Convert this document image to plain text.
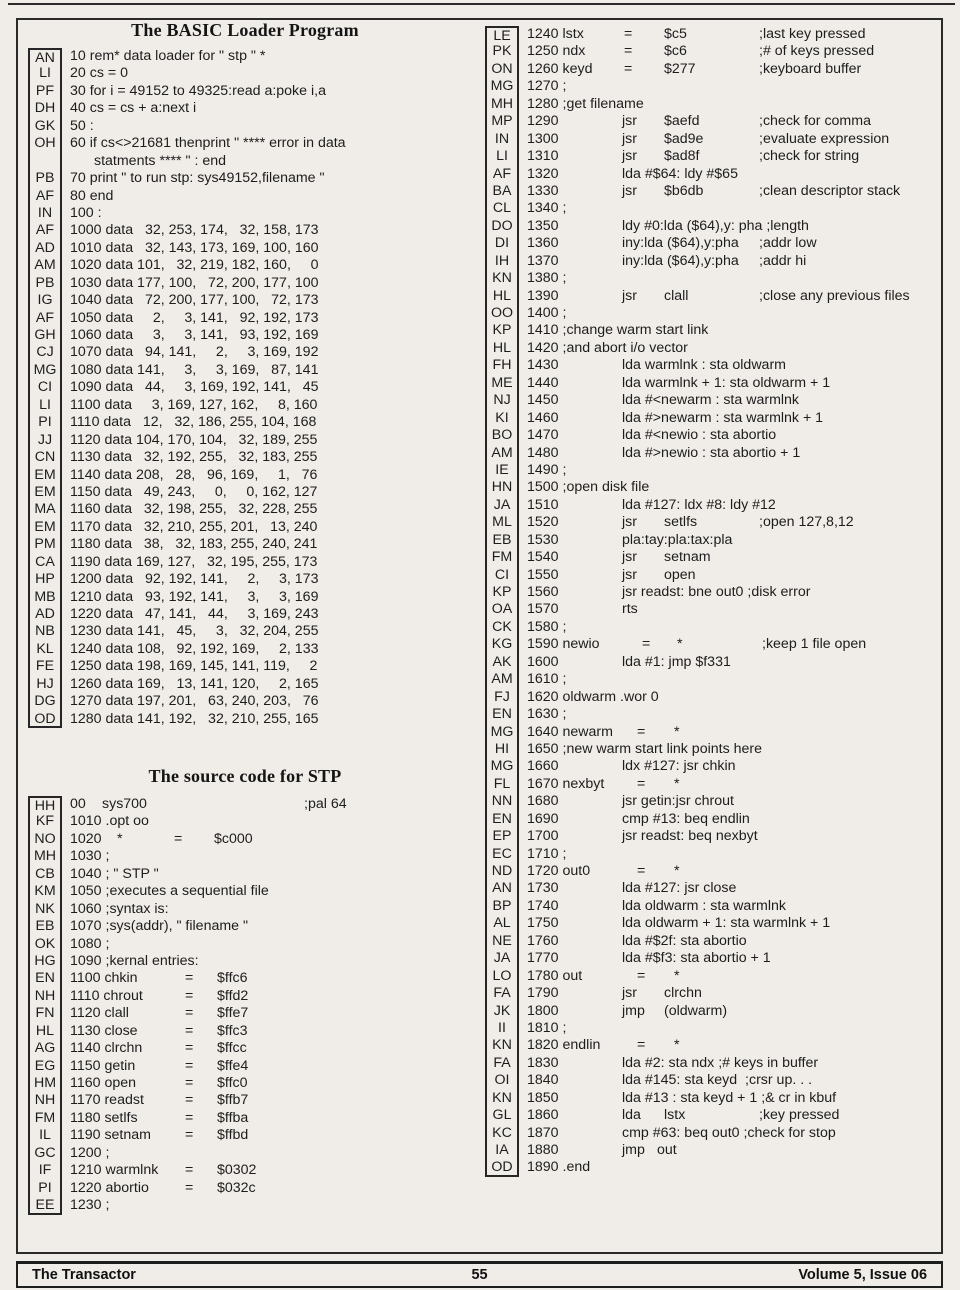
The BASIC Loader Program
AN	10 rem* data loader for " stp " *
LI	20 cs = 0
PF	30 for i = 49152 to 49325:read a:poke i,a
DH	40 cs = cs + a:next i
GK	50 :
OH	60 if cs<>21681 thenprint " **** error in data
statments **** " : end
PB	70 print " to run stp: sys49152,filename "
AF	80 end
IN	100 :
AF	1000 data   32, 253, 174,   32, 158, 173
AD	1010 data   32, 143, 173, 169, 100, 160
AM	1020 data 101,   32, 219, 182, 160,     0
PB	1030 data 177, 100,   72, 200, 177, 100
IG	1040 data   72, 200, 177, 100,   72, 173
AF	1050 data     2,     3, 141,   92, 192, 173
GH	1060 data     3,     3, 141,   93, 192, 169
CJ	1070 data   94, 141,     2,     3, 169, 192
MG 1080 data 141,     3,     3, 169,   87, 141
CI	1090 data   44,     3, 169, 192, 141,   45
LI	1100 data     3, 169, 127, 162,     8, 160
PI	1110 data   12,   32, 186, 255, 104, 168
JJ	1120 data 104, 170, 104,   32, 189, 255
CN	1130 data   32, 192, 255,   32, 183, 255
EM	1140 data 208,   28,   96, 169,     1,   76
EM	1150 data   49, 243,     0,     0, 162, 127
MA	1160 data   32, 198, 255,   32, 228, 255
EM	1170 data   32, 210, 255, 201,   13, 240
PM	1180 data   38,   32, 183, 255, 240, 241
CA	1190 data 169, 127,   32, 195, 255, 173
HP	1200 data   92, 192, 141,     2,     3, 173
MB	1210 data   93, 192, 141,     3,     3, 169
AD	1220 data   47, 141,   44,     3, 169, 243
NB	1230 data 141,   45,     3,   32, 204, 255
KL	1240 data 108,   92, 192, 169,     2, 133
FE	1250 data 198, 169, 145, 141, 119,     2
HJ	1260 data 169,   13, 141, 120,     2, 165
DG	1270 data 197, 201,   63, 240, 203,   76
OD	1280 data 141, 192,   32, 210, 255, 165
The source code for STP
HH	00 sys700	;pal 64
KF	1010 .opt oo
NO	1020 *	= $c000
MH 1030 ;
CB	1040 ; " STP "
KM	1050 ;executes a sequential file
NK	1060 ;syntax is:
EB	1070 ;sys(addr), " filename "
OK	1080 ;
HG	1090 ;kernal entries:
EN	1100 chkin	= $ffc6
NH	1110 chrout	= $ffd2
FN	1120 clall	= $ffe7
HL	1130 close	= $ffc3
AG	1140 clrchn	= $ffcc
EG	1150 getin	= $ffe4
HM 1160 open	= $ffc0
NH	1170 readst	= $ffb7
FM	1180 setlfs	= $ffba
IL	1190 setnam = $ffbd
GC	1200 ;
IF	1210 warmlnk = $0302
PI	1220 abortio	= $032c
EE	1230 ;
LE	1240 lstx	= $c5	;last key pressed
PK	1250 ndx	= $c6	;# of keys pressed
ON	1260 keyd = $277	;keyboard buffer
MG 1270 ;
MH 1280 ;get filename
MP	1290	jsr $aefd	;check for comma
IN	1300	jsr $ad9e	;evaluate expression
LI	1310	jsr $ad8f	;check for string
AF	1320	lda #$64: ldy #$65
BA	1330	jsr $b6db	;clean descriptor stack
CL	1340 ;
DO	1350	ldy #0:lda ($64),y: pha ;length
DI	1360	iny:lda ($64),y:pha ;addr low
IH	1370	iny:lda ($64),y:pha ;addr hi
KN	1380 ;
HL	1390	jsr clall	;close any previous files
OO 1400 ;
KP	1410 ;change warm start link
HL	1420 ;and abort i/o vector
FH	1430	lda warmlnk : sta oldwarm
ME	1440	lda warmlnk + 1: sta oldwarm + 1
NJ	1450	lda #<newarm : sta warmlnk
KI	1460	lda #>newarm : sta warmlnk + 1
BO	1470	lda #<newio : sta abortio
AM	1480	lda #>newio : sta abortio + 1
IE	1490 ;
HN	1500 ;open disk file
JA	1510	lda #127: ldx #8: ldy #12
ML	1520	jsr setlfs	;open 127,8,12
EB	1530	pla:tay:pla:tax:pla
FM	1540	jsr setnam
CI	1550	jsr open
KP	1560	jsr readst: bne out0 ;disk error
OA	1570	rts
CK	1580 ;
KG	1590 newio	= *	;keep 1 file open
AK	1600	lda #1: jmp $f331
AM	1610 ;
FJ	1620 oldwarm .wor 0
EN	1630 ;
MG 1640 newarm = *
HI	1650 ;new warm start link points here
MG 1660	ldx #127: jsr chkin
FL	1670 nexbyt = *
NN	1680	jsr getin:jsr chrout
EN	1690	cmp #13: beq endlin
EP	1700	jsr readst: beq nexbyt
EC	1710 ;
ND	1720 out0	= *
AN	1730	lda #127: jsr close
BP	1740	lda oldwarm : sta warmlnk
AL	1750	lda oldwarm + 1: sta warmlnk + 1
NE	1760	lda #$2f: sta abortio
JA	1770	lda #$f3: sta abortio + 1
LO	1780 out	= *
FA	1790	jsr clrchn
JK	1800	jmp (oldwarm)
II	1810 ;
KN	1820 endlin	= *
FA	1830	lda #2: sta ndx ;# keys in buffer
OI	1840	lda #145: sta keyd  ;crsr up. . .
KN	1850	lda #13 : sta keyd + 1 ;& cr in kbuf
GL	1860	lda lstx	;key pressed
KC	1870	cmp #63: beq out0 ;check for stop
IA	1880	jmp out
OD	1890 .end
The Transactor	55	Volume 5, Issue 06
